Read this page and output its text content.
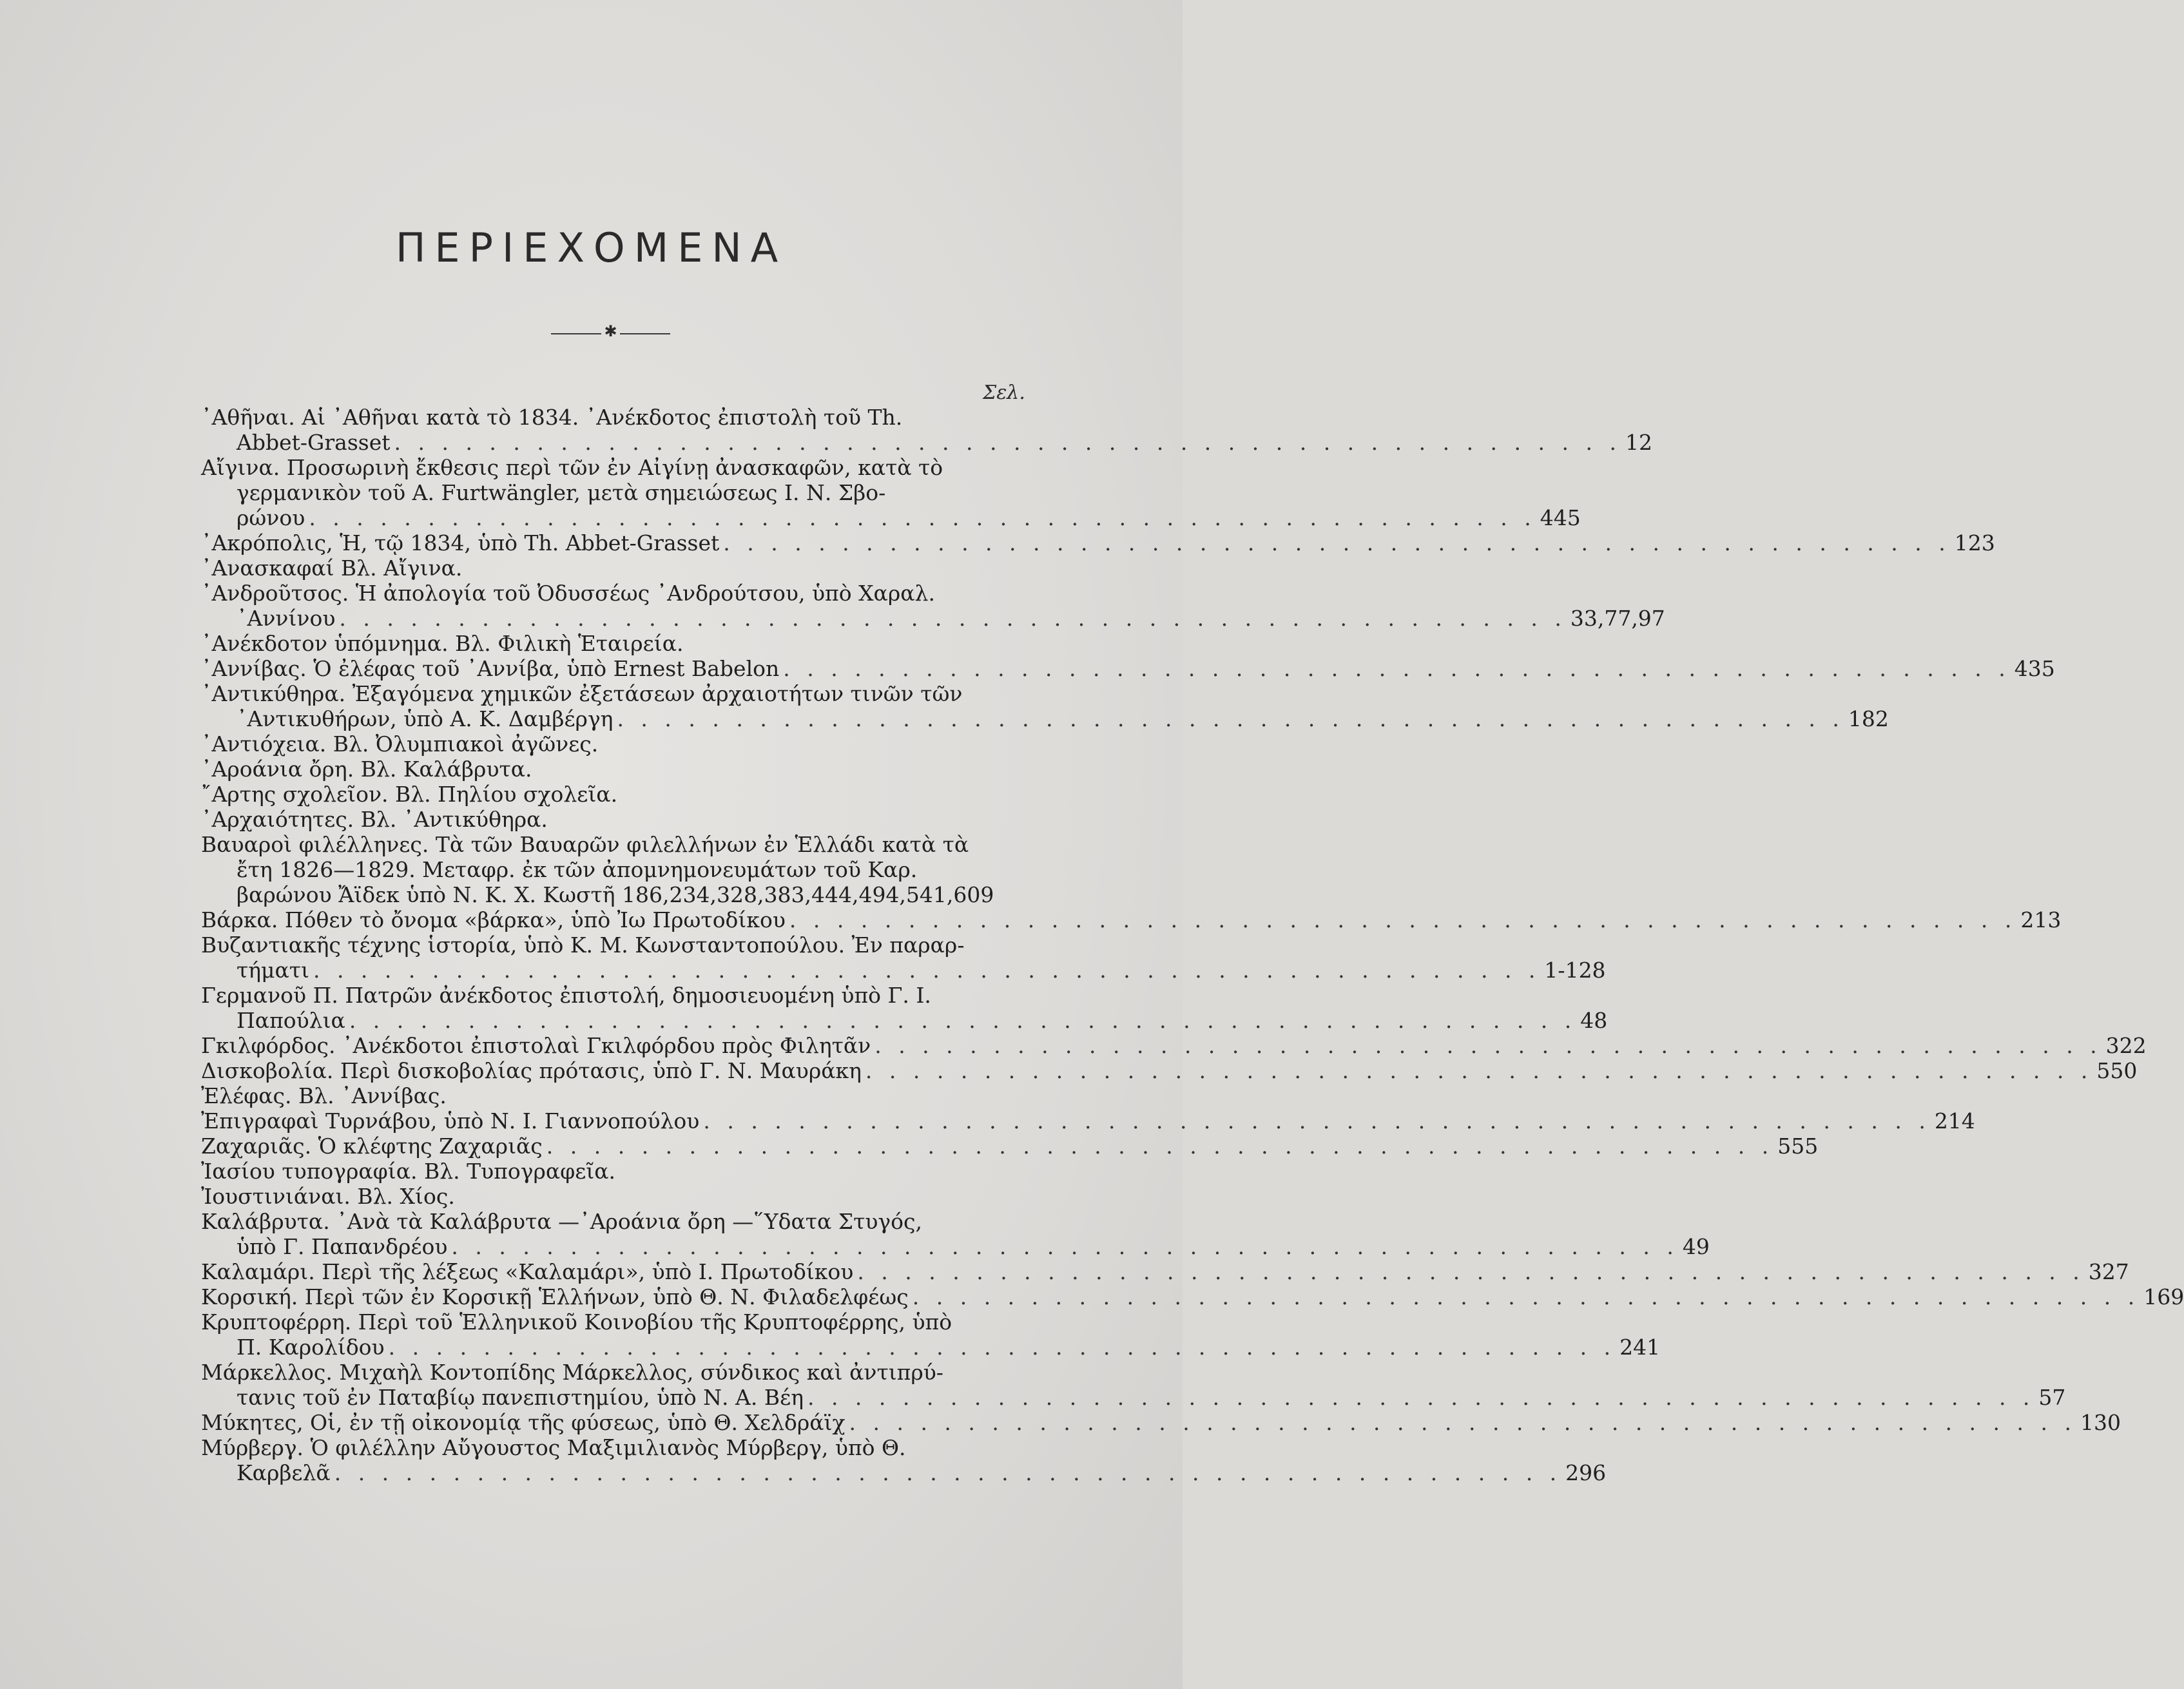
ΠΕΡΙΕΧΟΜΕΝΑ
✱
Σελ.
᾿Αθῆναι. Αἱ ᾿Αθῆναι κατὰ τὸ 1834. ᾿Ανέκδοτος ἐπιστολὴ τοῦ Th.
Abbet-Grasset . . . . . . . . . . . . . . . . . . . . . . . . . . . . . . . . . . . . . . . . . . . . . . . . . . . . 12
Αἴγινα. Προσωρινὴ ἔκθεσις περὶ τῶν ἐν Αἰγίνῃ ἀνασκαφῶν, κατὰ τὸ
γερμανικὸν τοῦ A. Furtwängler, μετὰ σημειώσεως Ι. Ν. Σβο-
ρώνου . . . . . . . . . . . . . . . . . . . . . . . . . . . . . . . . . . . . . . . . . . . . . . . . . . . . 445
᾿Ακρόπολις, Ἡ, τῷ 1834, ὑπὸ Th. Abbet-Grasset . . . . . . . . . . . . . . . . . . . . . . . . . . . . . . . . . . . . . . . . . . . . . . . . . . . . 123
᾿Ανασκαφαί Βλ. Αἴγινα.
᾿Ανδροῦτσος. Ἡ ἀπολογία τοῦ Ὀδυσσέως ᾿Ανδρούτσου, ὑπὸ Χαραλ.
᾿Αννίνου . . . . . . . . . . . . . . . . . . . . . . . . . . . . . . . . . . . . . . . . . . . . . . . . . . . . 33,77,97
᾿Ανέκδοτον ὑπόμνημα. Βλ. Φιλικὴ Ἑταιρεία.
᾿Αννίβας. Ὁ ἐλέφας τοῦ ᾿Αννίβα, ὑπὸ Ernest Babelon . . . . . . . . . . . . . . . . . . . . . . . . . . . . . . . . . . . . . . . . . . . . . . . . . . . . 435
᾿Αντικύθηρα. Ἐξαγόμενα χημικῶν ἐξετάσεων ἀρχαιοτήτων τινῶν τῶν
᾿Αντικυθήρων, ὑπὸ Α. Κ. Δαμβέργη . . . . . . . . . . . . . . . . . . . . . . . . . . . . . . . . . . . . . . . . . . . . . . . . . . . . 182
᾿Αντιόχεια. Βλ. Ὀλυμπιακοὶ ἀγῶνες.
᾿Αροάνια ὄρη. Βλ. Καλάβρυτα.
῎Αρτης σχολεῖον. Βλ. Πηλίου σχολεῖα.
᾿Αρχαιότητες. Βλ. ᾿Αντικύθηρα.
Βαυαροὶ φιλέλληνες. Τὰ τῶν Βαυαρῶν φιλελλήνων ἐν Ἑλλάδι κατὰ τὰ
ἔτη 1826—1829. Μεταφρ. ἐκ τῶν ἀπομνημονευμάτων τοῦ Καρ.
βαρώνου Ἄϊδεκ ὑπὸ Ν. Κ. Χ. Κωστῆ 186,234,328,383,444,494,541,609
Βάρκα. Πόθεν τὸ ὄνομα «βάρκα», ὑπὸ Ἰω Πρωτοδίκου . . . . . . . . . . . . . . . . . . . . . . . . . . . . . . . . . . . . . . . . . . . . . . . . . . . . 213
Βυζαντιακῆς τέχνης ἱστορία, ὑπὸ Κ. Μ. Κωνσταντοπούλου. Ἐν παραρ-
τήματι . . . . . . . . . . . . . . . . . . . . . . . . . . . . . . . . . . . . . . . . . . . . . . . . . . . . 1-128
Γερμανοῦ Π. Πατρῶν ἀνέκδοτος ἐπιστολή, δημοσιευομένη ὑπὸ Γ. Ι.
Παπούλια . . . . . . . . . . . . . . . . . . . . . . . . . . . . . . . . . . . . . . . . . . . . . . . . . . . . 48
Γκιλφόρδος. ᾿Ανέκδοτοι ἐπιστολαὶ Γκιλφόρδου πρὸς Φιλητᾶν . . . . . . . . . . . . . . . . . . . . . . . . . . . . . . . . . . . . . . . . . . . . . . . . . . . . 322
Δισκοβολία. Περὶ δισκοβολίας πρότασις, ὑπὸ Γ. Ν. Μαυράκη . . . . . . . . . . . . . . . . . . . . . . . . . . . . . . . . . . . . . . . . . . . . . . . . . . . . 550
Ἐλέφας. Βλ. ᾿Αννίβας.
Ἐπιγραφαὶ Τυρνάβου, ὑπὸ Ν. Ι. Γιαννοπούλου . . . . . . . . . . . . . . . . . . . . . . . . . . . . . . . . . . . . . . . . . . . . . . . . . . . . 214
Ζαχαριᾶς. Ὁ κλέφτης Ζαχαριᾶς . . . . . . . . . . . . . . . . . . . . . . . . . . . . . . . . . . . . . . . . . . . . . . . . . . . . 555
Ἰασίου τυπογραφία. Βλ. Τυπογραφεῖα.
Ἰουστινιάναι. Βλ. Χίος.
Καλάβρυτα. ᾿Ανὰ τὰ Καλάβρυτα —᾿Αροάνια ὄρη —῞Υδατα Στυγός,
ὑπὸ Γ. Παπανδρέου . . . . . . . . . . . . . . . . . . . . . . . . . . . . . . . . . . . . . . . . . . . . . . . . . . . . 49
Καλαμάρι. Περὶ τῆς λέξεως «Καλαμάρι», ὑπὸ Ι. Πρωτοδίκου . . . . . . . . . . . . . . . . . . . . . . . . . . . . . . . . . . . . . . . . . . . . . . . . . . . . 327
Κορσική. Περὶ τῶν ἐν Κορσικῇ Ἑλλήνων, ὑπὸ Θ. Ν. Φιλαδελφέως . . . . . . . . . . . . . . . . . . . . . . . . . . . . . . . . . . . . . . . . . . . . . . . . . . . . 169
Κρυπτοφέρρη. Περὶ τοῦ Ἑλληνικοῦ Κοινοβίου τῆς Κρυπτοφέρρης, ὑπὸ
Π. Καρολίδου . . . . . . . . . . . . . . . . . . . . . . . . . . . . . . . . . . . . . . . . . . . . . . . . . . . . 241
Μάρκελλος. Μιχαὴλ Κοντοπίδης Μάρκελλος, σύνδικος καὶ ἀντιπρύ-
τανις τοῦ ἐν Παταβίῳ πανεπιστημίου, ὑπὸ Ν. Α. Βέη . . . . . . . . . . . . . . . . . . . . . . . . . . . . . . . . . . . . . . . . . . . . . . . . . . . . 57
Μύκητες, Οἱ, ἐν τῇ οἰκονομίᾳ τῆς φύσεως, ὑπὸ Θ. Χελδράϊχ . . . . . . . . . . . . . . . . . . . . . . . . . . . . . . . . . . . . . . . . . . . . . . . . . . . . 130
Μύρβεργ. Ὁ φιλέλλην Αὔγουστος Μαξιμιλιανὸς Μύρβεργ, ὑπὸ Θ.
Καρβελᾶ . . . . . . . . . . . . . . . . . . . . . . . . . . . . . . . . . . . . . . . . . . . . . . . . . . . . 296
